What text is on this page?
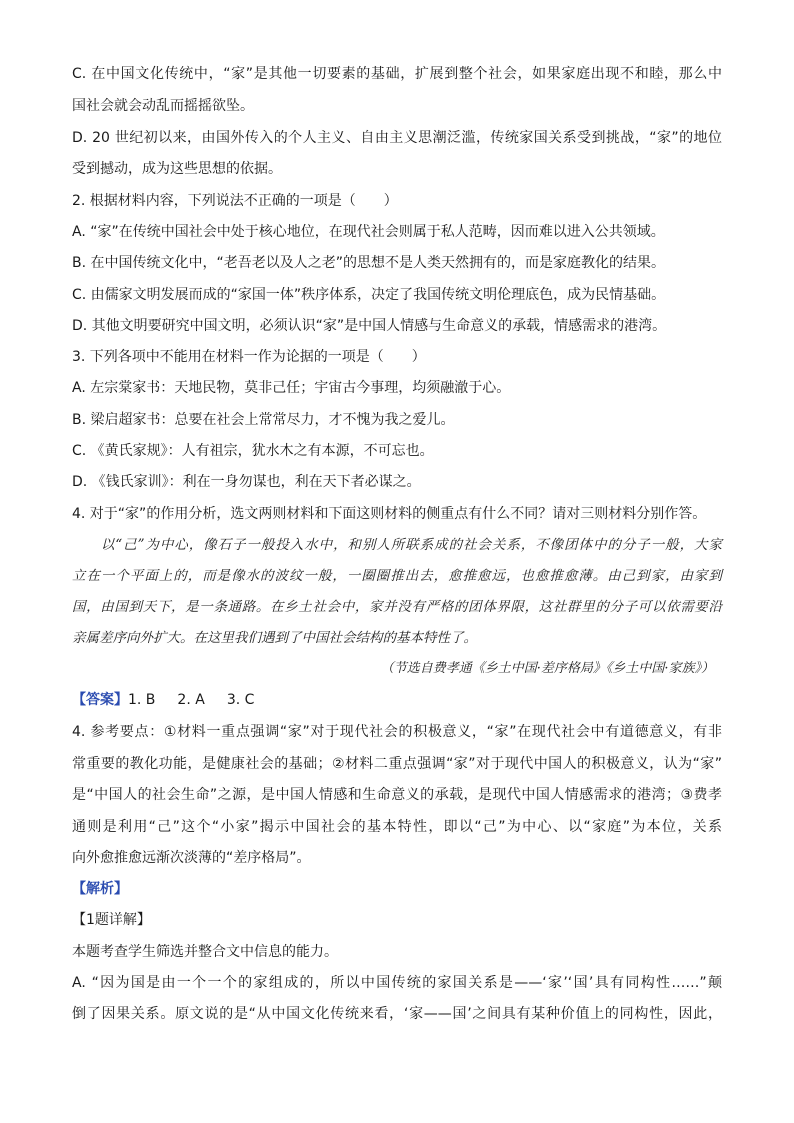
C. 在中国文化传统中，“家”是其他一切要素的基础，扩展到整个社会，如果家庭出现不和睦，那么中
国社会就会动乱而摇摇欲坠。
D. 20 世纪初以来，由国外传入的个人主义、自由主义思潮泛滥，传统家国关系受到挑战，“家”的地位
受到撼动，成为这些思想的依据。
2. 根据材料内容，下列说法不正确的一项是（　　）
A. “家”在传统中国社会中处于核心地位，在现代社会则属于私人范畴，因而难以进入公共领域。
B. 在中国传统文化中，“老吾老以及人之老”的思想不是人类天然拥有的，而是家庭教化的结果。
C. 由儒家文明发展而成的“家国一体”秩序体系，决定了我国传统文明伦理底色，成为民情基础。
D. 其他文明要研究中国文明，必须认识“家”是中国人情感与生命意义的承载，情感需求的港湾。
3. 下列各项中不能用在材料一作为论据的一项是（　　）
A. 左宗棠家书：天地民物，莫非己任；宇宙古今事理，均须融澈于心。
B. 梁启超家书：总要在社会上常常尽力，才不愧为我之爱儿。
C. 《黄氏家规》：人有祖宗，犹水木之有本源，不可忘也。
D. 《钱氏家训》：利在一身勿谋也，利在天下者必谋之。
4. 对于“家”的作用分析，选文两则材料和下面这则材料的侧重点有什么不同？请对三则材料分别作答。
　　以“己”为中心，像石子一般投入水中，和别人所联系成的社会关系，不像团体中的分子一般，大家
立在一个平面上的，而是像水的波纹一般，一圈圈推出去，愈推愈远，也愈推愈薄。由己到家，由家到
国，由国到天下，是一条通路。在乡土社会中，家并没有严格的团体界限，这社群里的分子可以依需要沿
亲属差序向外扩大。在这里我们遇到了中国社会结构的基本特性了。
（节选自费孝通《乡土中国·差序格局》《乡土中国·家族》）
【答案】1. B 2. A 3. C
4. 参考要点：①材料一重点强调“家”对于现代社会的积极意义，“家”在现代社会中有道德意义，有非
常重要的教化功能，是健康社会的基础；②材料二重点强调“家”对于现代中国人的积极意义，认为“家”
是“中国人的社会生命”之源，是中国人情感和生命意义的承载，是现代中国人情感需求的港湾；③费孝
通则是利用“己”这个“小家”揭示中国社会的基本特性，即以“己”为中心、以“家庭”为本位，关系
向外愈推愈远渐次淡薄的“差序格局”。
【解析】
【1题详解】
本题考查学生筛选并整合文中信息的能力。
A. “因为国是由一个一个的家组成的，所以中国传统的家国关系是——‘家’‘国’具有同构性……”颠
倒了因果关系。原文说的是“从中国文化传统来看，‘家——国’之间具有某种价值上的同构性，因此，
